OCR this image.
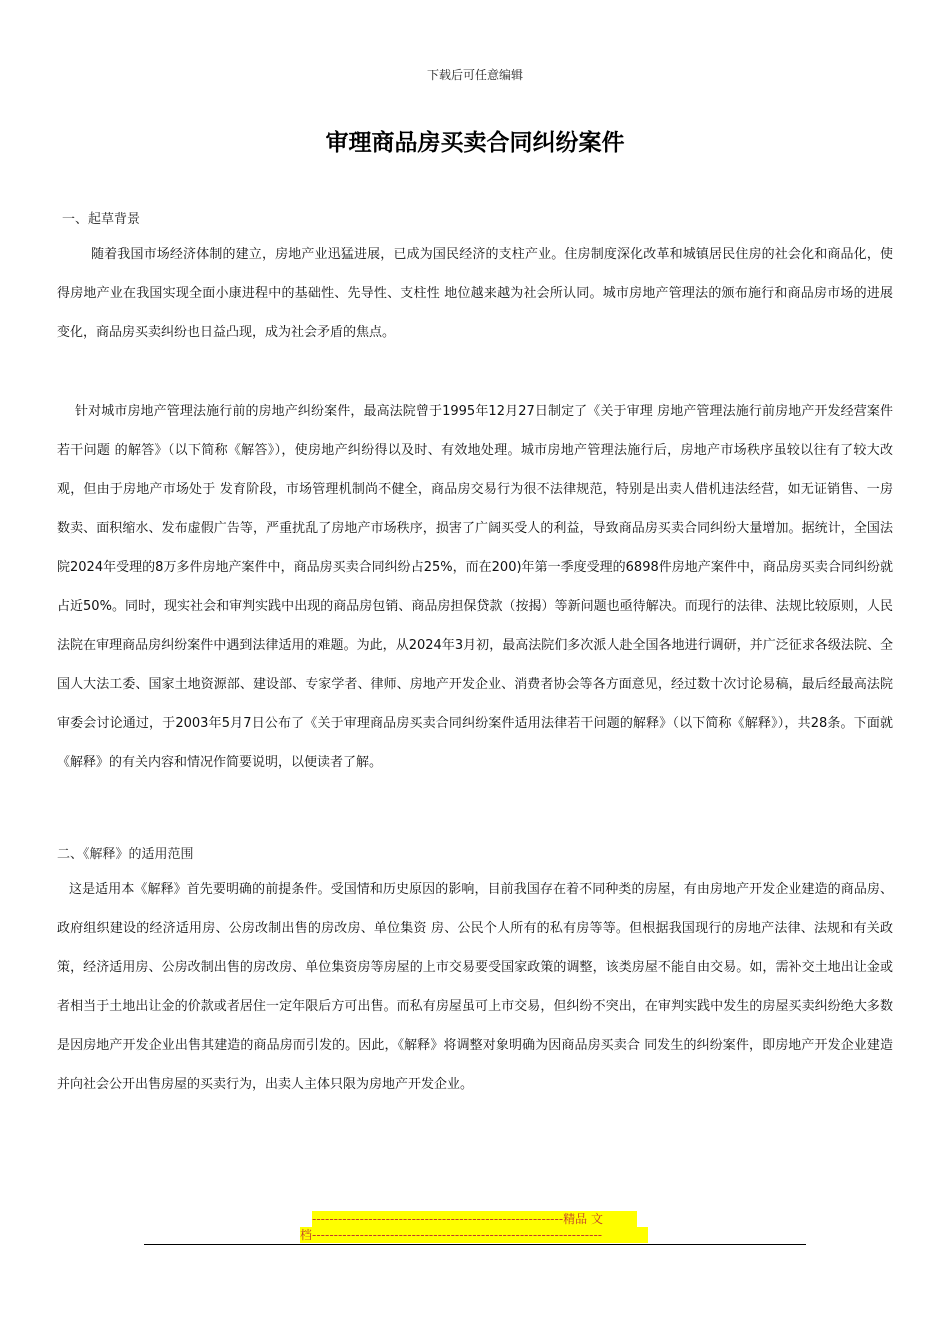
下载后可任意编辑
审理商品房买卖合同纠纷案件

一、起草背景

随着我国市场经济体制的建立，房地产业迅猛进展，已成为国民经济的支柱产业。住房制度深化改革和城镇居民住房的社会化和商品化，使得房地产业在我国实现全面小康进程中的基础性、先导性、支柱性 地位越来越为社会所认同。城市房地产管理法的颁布施行和商品房市场的进展变化，商品房买卖纠纷也日益凸现，成为社会矛盾的焦点。

针对城市房地产管理法施行前的房地产纠纷案件，最高法院曾于1995年12月27日制定了《关于审理 房地产管理法施行前房地产开发经营案件若干问题 的解答》（以下简称《解答》），使房地产纠纷得以及时、有效地处理。城市房地产管理法施行后，房地产市场秩序虽较以往有了较大改观，但由于房地产市场处于 发育阶段，市场管理机制尚不健全，商品房交易行为很不法律规范，特别是出卖人借机违法经营，如无证销售、一房数卖、面积缩水、发布虚假广告等，严重扰乱了房地产市场秩序，损害了广阔买受人的利益，导致商品房买卖合同纠纷大量增加。据统计，全国法院2024年受理的8万多件房地产案件中，商品房买卖合同纠纷占25%，而在200)年第一季度受理的6898件房地产案件中，商品房买卖合同纠纷就占近50%。同时，现实社会和审判实践中出现的商品房包销、商品房担保贷款（按揭）等新问题也亟待解决。而现行的法律、法规比较原则，人民法院在审理商品房纠纷案件中遇到法律适用的难题。为此，从2024年3月初，最高法院们多次派人赴全国各地进行调研，并广泛征求各级法院、全国人大法工委、国家土地资源部、建设部、专家学者、律师、房地产开发企业、消费者协会等各方面意见，经过数十次讨论易稿，最后经最高法院审委会讨论通过，于2003年5月7日公布了《关于审理商品房买卖合同纠纷案件适用法律若干问题的解释》（以下简称《解释》），共28条。下面就《解释》的有关内容和情况作简要说明，以便读者了解。

二、《解释》的适用范围

这是适用本《解释》首先要明确的前提条件。受国情和历史原因的影响，目前我国存在着不同种类的房屋，有由房地产开发企业建造的商品房、政府组织建设的经济适用房、公房改制出售的房改房、单位集资 房、公民个人所有的私有房等等。但根据我国现行的房地产法律、法规和有关政策，经济适用房、公房改制出售的房改房、单位集资房等房屋的上市交易要受国家政策的调整，该类房屋不能自由交易。如，需补交土地出让金或者相当于土地出让金的价款或者居住一定年限后方可出售。而私有房屋虽可上市交易，但纠纷不突出，在审判实践中发生的房屋买卖纠纷绝大多数是因房地产开发企业出售其建造的商品房而引发的。因此，《解释》将调整对象明确为因商品房买卖合 同发生的纠纷案件，即房地产开发企业建造并向社会公开出售房屋的买卖行为，出卖人主体只限为房地产开发企业。

----------------------------------------------------------精品 文
档-------------------------------------------------------------------
